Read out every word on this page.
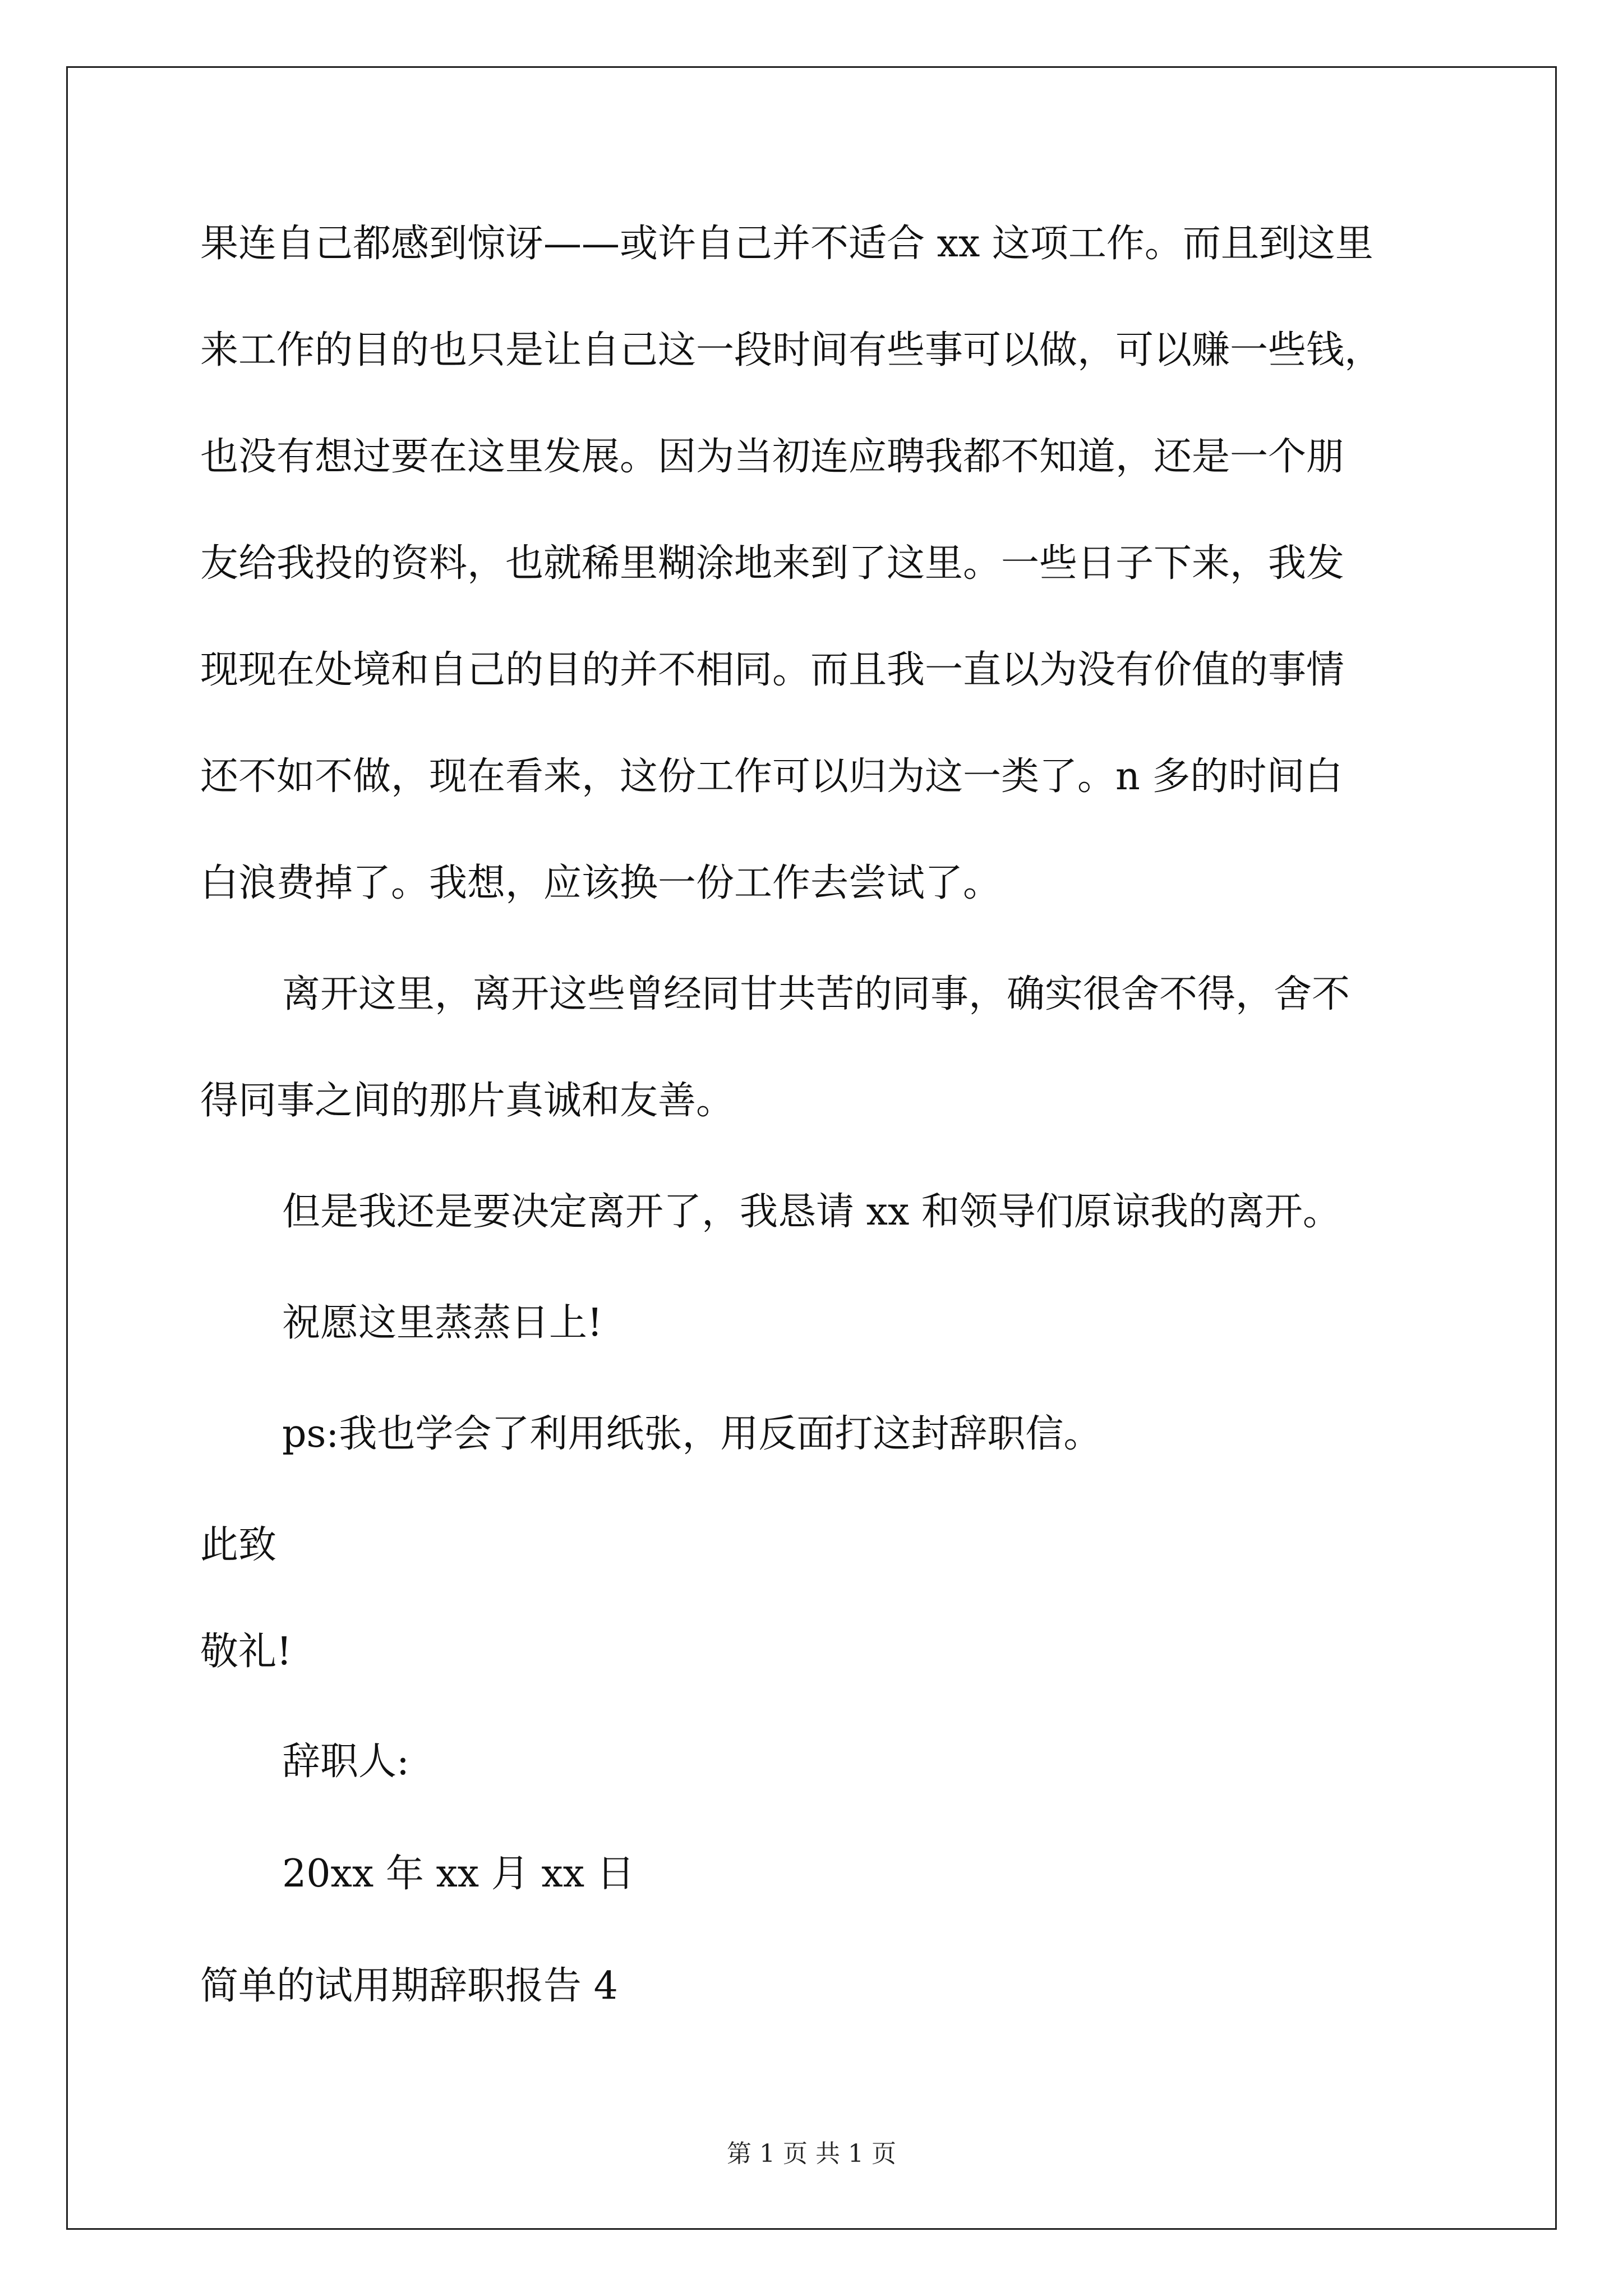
果连自己都感到惊讶——或许自己并不适合 xx 这项工作。而且到这里
来工作的目的也只是让自己这一段时间有些事可以做，可以赚一些钱，
也没有想过要在这里发展。因为当初连应聘我都不知道，还是一个朋
友给我投的资料，也就稀里糊涂地来到了这里。一些日子下来，我发
现现在处境和自己的目的并不相同。而且我一直以为没有价值的事情
还不如不做，现在看来，这份工作可以归为这一类了。n 多的时间白
白浪费掉了。我想，应该换一份工作去尝试了。
离开这里，离开这些曾经同甘共苦的同事，确实很舍不得，舍不
得同事之间的那片真诚和友善。
但是我还是要决定离开了，我恳请 xx 和领导们原谅我的离开。
祝愿这里蒸蒸日上!
ps:我也学会了利用纸张，用反面打这封辞职信。
此致
敬礼!
辞职人:
20xx 年 xx 月 xx 日
简单的试用期辞职报告 4
第 1 页 共 1 页
